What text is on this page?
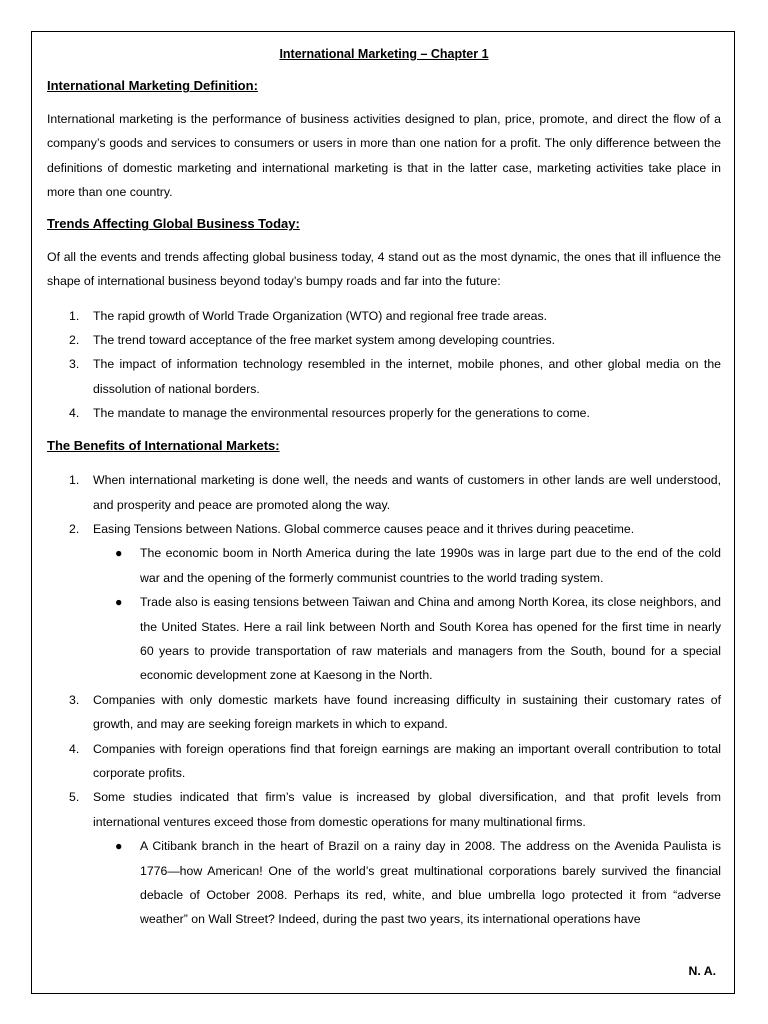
International Marketing – Chapter 1

International Marketing Definition:

International marketing is the performance of business activities designed to plan, price, promote, and direct the flow of a company’s goods and services to consumers or users in more than one nation for a profit. The only difference between the definitions of domestic marketing and international marketing is that in the latter case, marketing activities take place in more than one country.

Trends Affecting Global Business Today:

Of all the events and trends affecting global business today, 4 stand out as the most dynamic, the ones that ill influence the shape of international business beyond today’s bumpy roads and far into the future:

1. The rapid growth of World Trade Organization (WTO) and regional free trade areas.
2. The trend toward acceptance of the free market system among developing countries.
3. The impact of information technology resembled in the internet, mobile phones, and other global media on the dissolution of national borders.
4. The mandate to manage the environmental resources properly for the generations to come.

The Benefits of International Markets:

1. When international marketing is done well, the needs and wants of customers in other lands are well understood, and prosperity and peace are promoted along the way.
2. Easing Tensions between Nations. Global commerce causes peace and it thrives during peacetime.
● The economic boom in North America during the late 1990s was in large part due to the end of the cold war and the opening of the formerly communist countries to the world trading system.
● Trade also is easing tensions between Taiwan and China and among North Korea, its close neighbors, and the United States. Here a rail link between North and South Korea has opened for the first time in nearly 60 years to provide transportation of raw materials and managers from the South, bound for a special economic development zone at Kaesong in the North.
3. Companies with only domestic markets have found increasing difficulty in sustaining their customary rates of growth, and may are seeking foreign markets in which to expand.
4. Companies with foreign operations find that foreign earnings are making an important overall contribution to total corporate profits.
5. Some studies indicated that firm’s value is increased by global diversification, and that profit levels from international ventures exceed those from domestic operations for many multinational firms.
● A Citibank branch in the heart of Brazil on a rainy day in 2008. The address on the Avenida Paulista is 1776—how American! One of the world’s great multinational corporations barely survived the financial debacle of October 2008. Perhaps its red, white, and blue umbrella logo protected it from “adverse weather” on Wall Street? Indeed, during the past two years, its international operations have
N. A.
